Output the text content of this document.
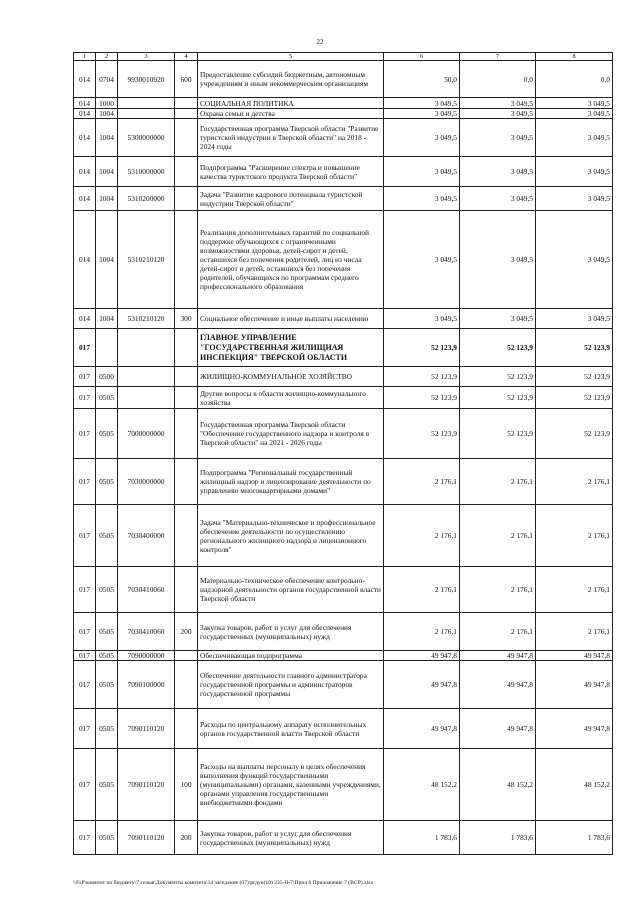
22
1	2	3	4	5	6	7	8
014	0704	9930010920	600	Предоставление субсидий бюджетным, автономным учреждениям и иным некоммерческим организациям	50,0	0,0	0,0
014	1000			СОЦИАЛЬНАЯ ПОЛИТИКА	3 049,5	3 049,5	3 049,5
014	1004			Охрана семьи и детства	3 049,5	3 049,5	3 049,5
014	1004	5300000000		Государственная программа Тверской области "Развитие туристской индустрии в Тверской области" на 2018 - 2024 годы	3 049,5	3 049,5	3 049,5
014	1004	5310000000		Подпрограмма "Расширение спектра и повышение качества туристского продукта Тверской области"	3 049,5	3 049,5	3 049,5
014	1004	5310200000		Задача "Развитие кадрового потенциала туристской индустрии Тверской области"	3 049,5	3 049,5	3 049,5
014	1004	5310210120		Реализация дополнительных гарантий по социальной поддержке обучающихся с ограниченными возможностями здоровья, детей-сирот и детей, оставшихся без попечения родителей, лиц из числа детей-сирот и детей, оставшихся без попечения родителей, обучающихся по программам среднего профессионального образования	3 049,5	3 049,5	3 049,5
014	1004	5310210120	300	Социальное обеспечение и иные выплаты населению	3 049,5	3 049,5	3 049,5
017				ГЛАВНОЕ УПРАВЛЕНИЕ "ГОСУДАРСТВЕННАЯ ЖИЛИЩНАЯ ИНСПЕКЦИЯ" ТВЕРСКОЙ ОБЛАСТИ	52 123,9	52 123,9	52 123,9
017	0500			ЖИЛИЩНО-КОММУНАЛЬНОЕ ХОЗЯЙСТВО	52 123,9	52 123,9	52 123,9
017	0505			Другие вопросы в области жилищно-коммунального хозяйства	52 123,9	52 123,9	52 123,9
017	0505	7000000000		Государственная программа Тверской области "Обеспечение государственного надзора и контроля в Тверской области" на 2021 - 2026 годы	52 123,9	52 123,9	52 123,9
017	0505	7030000000		Подпрограмма "Региональный государственный жилищный надзор и лицензирование деятельности по управлению многоквартирными домами"	2 176,1	2 176,1	2 176,1
017	0505	7030400000		Задача "Материально-техническое и профессиональное обеспечение деятельности по осуществлению регионального жилищного надзора и лицензионного контроля"	2 176,1	2 176,1	2 176,1
017	0505	7030410060		Материально-техническое обеспечение контрольно-надзорной деятельности органов государственной власти Тверской области	2 176,1	2 176,1	2 176,1
017	0505	7030410060	200	Закупка товаров, работ и услуг для обеспечения государственных (муниципальных) нужд	2 176,1	2 176,1	2 176,1
017	0505	7090000000		Обеспечивающая подпрограмма	49 947,8	49 947,8	49 947,8
017	0505	7090100000		Обеспечение деятельности главного администратора государственной программы и администраторов государственной программы	49 947,8	49 947,8	49 947,8
017	0505	7090110120		Расходы по центральному аппарату исполнительных органов государственной власти Тверской области	49 947,8	49 947,8	49 947,8
017	0505	7090110120	100	Расходы на выплаты персоналу в целях обеспечения выполнения функций государственными (муниципальными) органами, казенными учреждениями, органами управления государственными внебюджетными фондами	48 152,2	48 152,2	48 152,2
017	0505	7090110120	200	Закупка товаров, работ и услуг для обеспечения государственных (муниципальных) нужд	1 783,6	1 783,6	1 783,6
\\FsP\комитет по бюджету\7 созыв\Документы комитета\14 заседание (07)\ргдук(10) 235-II-7\Прил 6 Приложение 7 (ВСР).xlsx
